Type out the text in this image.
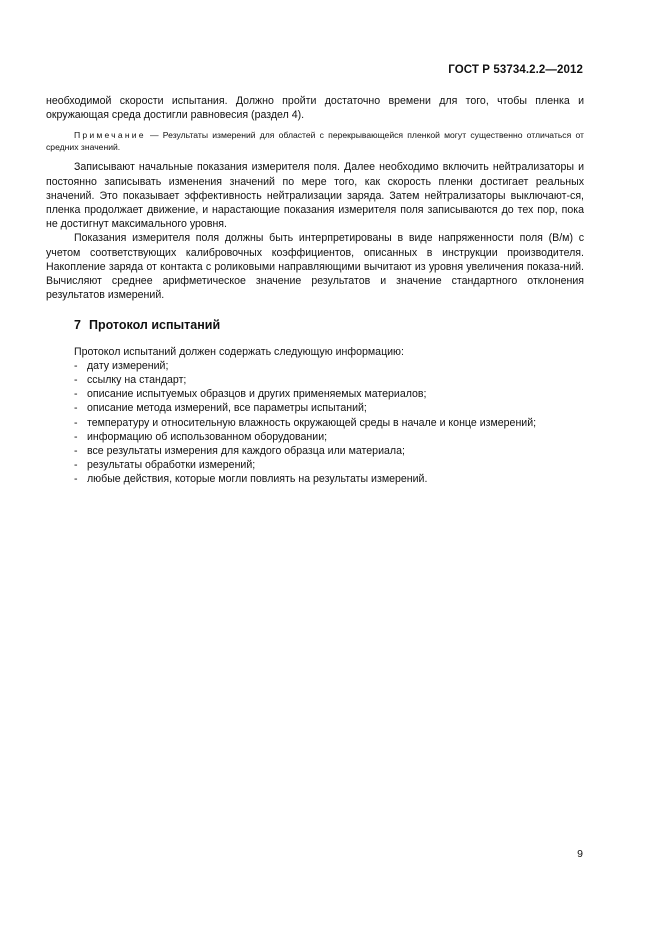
ГОСТ Р 53734.2.2—2012

необходимой скорости испытания. Должно пройти достаточно времени для того, чтобы пленка и окружающая среда достигли равновесия (раздел 4).

Примечание — Результаты измерений для областей с перекрывающейся пленкой могут существенно отличаться от средних значений.

Записывают начальные показания измерителя поля. Далее необходимо включить нейтрализаторы и постоянно записывать изменения значений по мере того, как скорость пленки достигает реальных значений. Это показывает эффективность нейтрализации заряда. Затем нейтрализаторы выключают-ся, пленка продолжает движение, и нарастающие показания измерителя поля записываются до тех пор, пока не достигнут максимального уровня.

Показания измерителя поля должны быть интерпретированы в виде напряженности поля (В/м) с учетом соответствующих калибровочных коэффициентов, описанных в инструкции производителя. Накопление заряда от контакта с роликовыми направляющими вычитают из уровня увеличения показа-ний. Вычисляют среднее арифметическое значение результатов и значение стандартного отклонения результатов измерений.

7 Протокол испытаний

Протокол испытаний должен содержать следующую информацию:

- дату измерений;
- ссылку на стандарт;
- описание испытуемых образцов и других применяемых материалов;
- описание метода измерений, все параметры испытаний;
- температуру и относительную влажность окружающей среды в начале и конце измерений;
- информацию об использованном оборудовании;
- все результаты измерения для каждого образца или материала;
- результаты обработки измерений;
- любые действия, которые могли повлиять на результаты измерений.
9
